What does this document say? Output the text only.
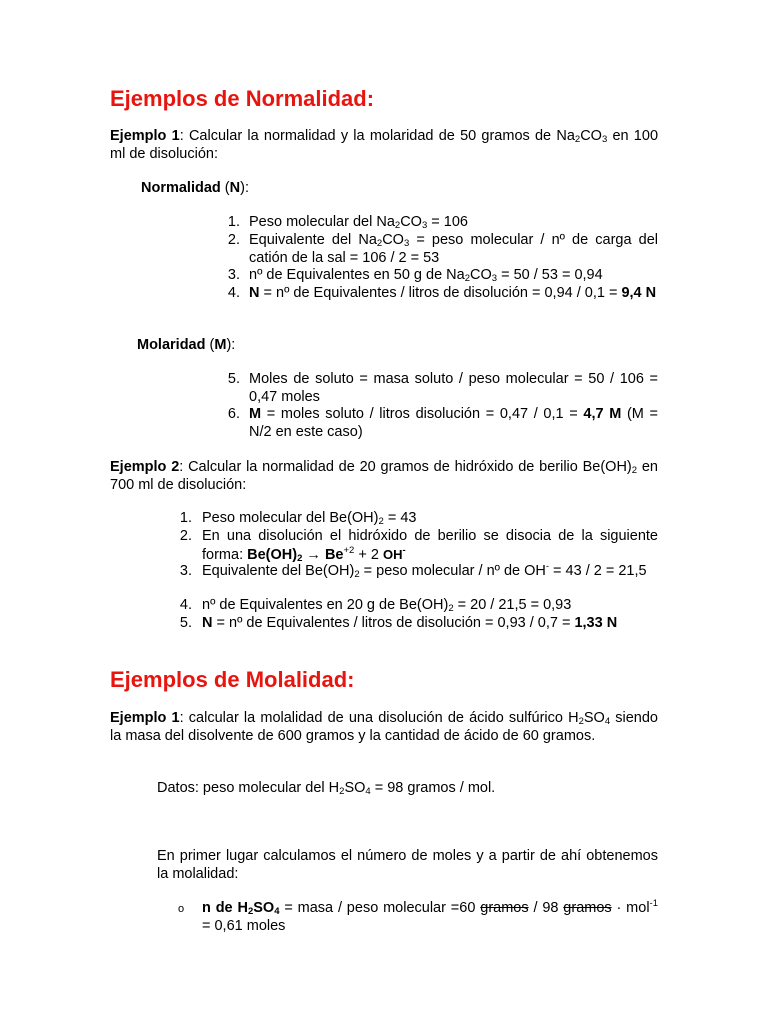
Ejemplos de Normalidad:

Ejemplo 1: Calcular la normalidad y la molaridad de 50 gramos de $Na_2CO_3$ en 100 ml de disolución:

Normalidad (N):

1. Peso molecular del $Na_2CO_3 = 106$

2. Equivalente del $Na_2CO_3$ = peso molecular / nº de carga del catión de la sal = 106 / 2 = 53

3. nº de Equivalentes en 50 g de $Na_2CO_3 = 50 / 53 = 0,94$

4. N = nº de Equivalentes / litros de disolución = 0,94 / 0,1 = 9,4 N

Molaridad (M):

5. Moles de soluto = masa soluto / peso molecular = 50 / 106 = 0,47 moles

6. M = moles soluto / litros disolución = 0,47 / 0,1 = 4,7 M (M = N/2 en este caso)

Ejemplo 2: Calcular la normalidad de 20 gramos de hidróxido de berilio $Be(OH)_2$ en 700 ml de disolución:

1. Peso molecular del $Be(OH)_2 = 43$

2. En una disolución el hidróxido de berilio se disocia de la siguiente forma: $Be(OH)_2 \to Be^{+2} + 2$ OH-

3. Equivalente del $Be(OH)_2$ = peso molecular / nº de OH- = 43 / 2 = 21,5

4. nº de Equivalentes en 20 g de $Be(OH)_2 = 20 / 21,5 = 0,93$

5. N = nº de Equivalentes / litros de disolución = 0,93 / 0,7 = 1,33 N

Ejemplos de Molalidad:

Ejemplo 1: calcular la molalidad de una disolución de ácido sulfúrico $H_2SO_4$ siendo la masa del disolvente de 600 gramos y la cantidad de ácido de 60 gramos.

Datos: peso molecular del $H_2SO_4 = 98$ gramos / mol.

En primer lugar calculamos el número de moles y a partir de ahí obtenemos la molalidad:

o n de $H_2SO_4$ = masa / peso molecular =60 gramos / 98 gramos · mol$^{-1}$ = 0,61 moles
